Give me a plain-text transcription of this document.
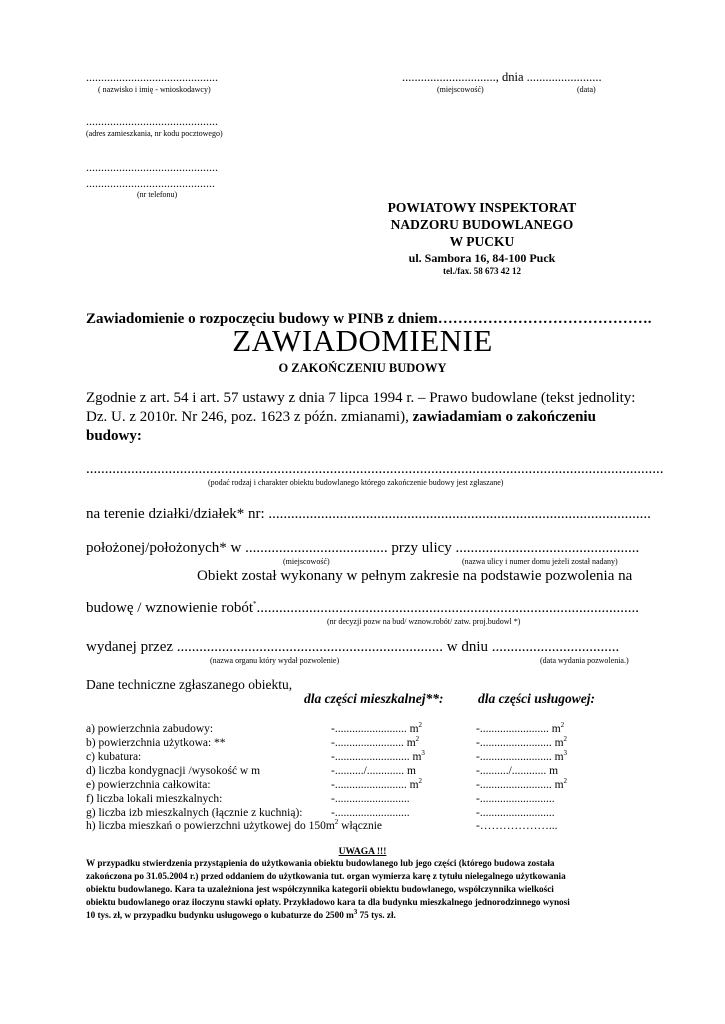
............................................
( nazwisko i imię - wnioskodawcy)
.............................., dnia ........................
(miejscowość)	(data)
............................................
(adres zamieszkania, nr kodu pocztowego)
............................................
...........................................
(nr telefonu)
POWIATOWY INSPEKTORAT
NADZORU BUDOWLANEGO
W PUCKU
ul. Sambora 16, 84-100 Puck
tel./fax. 58 673 42 12
Zawiadomienie o rozpoczęciu budowy w PINB z dniem…………………………………….
ZAWIADOMIENIE
O ZAKOŃCZENIU BUDOWY
Zgodnie z art. 54 i art. 57 ustawy z dnia 7 lipca 1994 r. – Prawo budowlane (tekst jednolity:
Dz. U. z 2010r. Nr 246, poz. 1623 z późn. zmianami), zawiadamiam o zakończeniu
budowy:
..........................................................................................................................................................
(podać rodzaj i charakter obiektu budowlanego którego zakończenie budowy jest zgłaszane)
na terenie działki/działek* nr: ......................................................................................................
położonej/położonych* w ...................................... przy ulicy .................................................
(miejscowość)	(nazwa ulicy i numer domu jeżeli został nadany)
Obiekt został wykonany w pełnym zakresie na podstawie pozwolenia na
budowę / wznowienie robót*......................................................................................................
(nr decyzji pozw na bud/ wznow.robót/ zatw. proj.budowl *)
wydanej przez ....................................................................... w dniu ..................................
(nazwa organu który wydał pozwolenie)	(data wydania pozwolenia.)
Dane techniczne zgłaszanego obiektu,
dla części mieszkalnej**:	dla części usługowej:
a) powierzchnia zabudowy:	-......................... $m^2$	-........................ $m^2$
b) powierzchnia użytkowa: **	-........................ $m^2$	-......................... $m^2$
c) kubatura:	-.......................... $m^3$	-......................... $m^3$
d) liczba kondygnacji /wysokość w m	-........../............. m	-........../............ m
e) powierzchnia całkowita:	-......................... $m^2$	-......................... $m^2$
f) liczba lokali mieszkalnych:	-..........................	-..........................
g) liczba izb mieszkalnych (łącznie z kuchnią): -..........................	-..........................
h) liczba mieszkań o powierzchni użytkowej do $150m^2$ włącznie	-………………...
UWAGA !!!
W przypadku stwierdzenia przystąpienia do użytkowania obiektu budowlanego lub jego części (którego budowa została
zakończona po 31.05.2004 r.) przed oddaniem do użytkowania tut. organ wymierza karę z tytułu nielegalnego użytkowania
obiektu budowlanego. Kara ta uzależniona jest współczynnika kategorii obiektu budowlanego, współczynnika wielkości
obiektu budowlanego oraz iloczynu stawki opłaty. Przykładowo kara ta dla budynku mieszkalnego jednorodzinnego wynosi
10 tys. zł, w przypadku budynku usługowego o kubaturze do 2500 $m^3$ 75 tys. zł.
